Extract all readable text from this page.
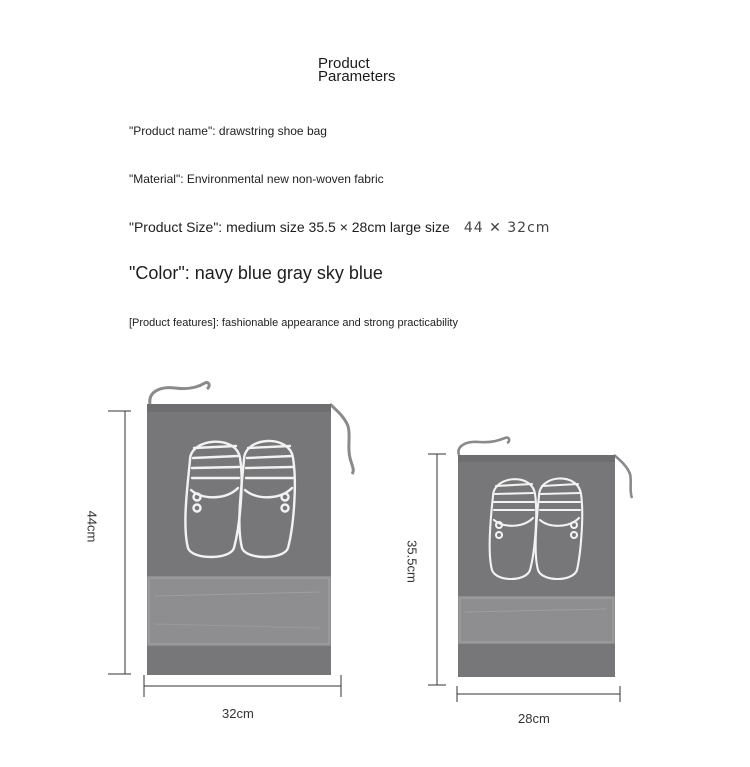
Product Parameters
"Product name": drawstring shoe bag
"Material": Environmental new non-woven fabric
"Product Size": medium size 35.5 × 28cm large size 44 ✕ 32cm
"Color": navy blue gray sky blue
[Product features]: fashionable appearance and strong practicability
44cm
32cm
35.5cm
28cm
